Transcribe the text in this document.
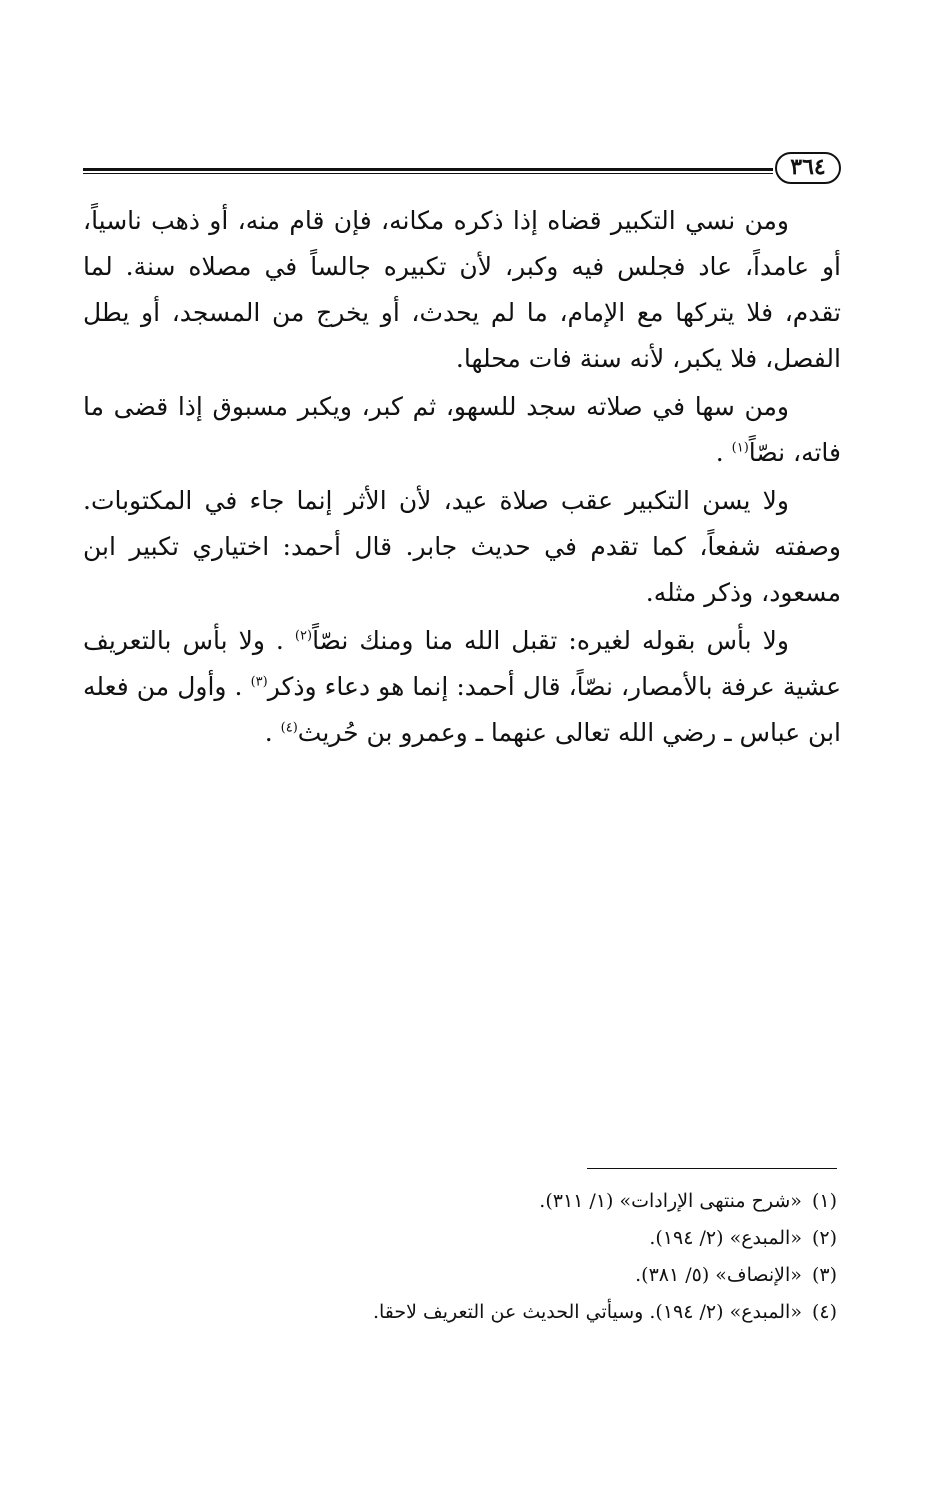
٣٦٤

ومن نسي التكبير قضاه إذا ذكره مكانه، فإن قام منه، أو ذهب ناسياً، أو عامداً، عاد فجلس فيه وكبر، لأن تكبيره جالساً في مصلاه سنة. لما تقدم، فلا يتركها مع الإمام، ما لم يحدث، أو يخرج من المسجد، أو يطل الفصل، فلا يكبر، لأنه سنة فات محلها.

ومن سها في صلاته سجد للسهو، ثم كبر، ويكبر مسبوق إذا قضى ما فاته، نصّاً$^{(١)}$ .

ولا يسن التكبير عقب صلاة عيد، لأن الأثر إنما جاء في المكتوبات. وصفته شفعاً، كما تقدم في حديث جابر. قال أحمد: اختياري تكبير ابن مسعود، وذكر مثله.

ولا بأس بقوله لغيره: تقبل الله منا ومنك نصّاً$^{(٢)}$ . ولا بأس بالتعريف عشية عرفة بالأمصار، نصّاً، قال أحمد: إنما هو دعاء وذكر$^{(٣)}$ . وأول من فعله ابن عباس ـ رضي الله تعالى عنهما ـ وعمرو بن حُريث$^{(٤)}$ .

(١)«شرح منتهى الإرادات» (١/ ٣١١).
(٢)«المبدع» (٢/ ١٩٤).
(٣)«الإنصاف» (٥/ ٣٨١).
(٤)«المبدع» (٢/ ١٩٤). وسيأتي الحديث عن التعريف لاحقا.
